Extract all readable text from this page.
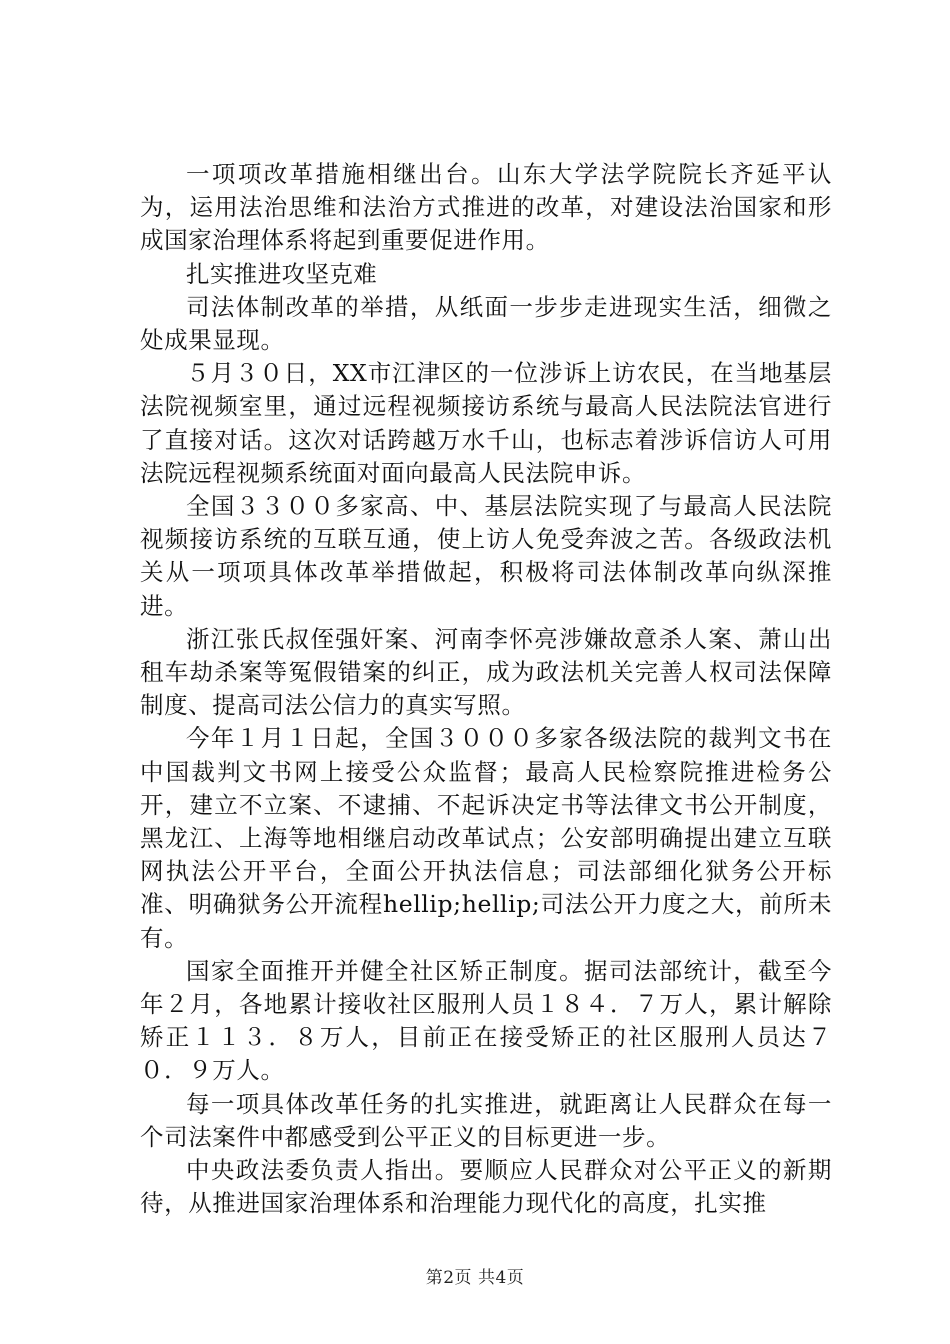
一项项改革措施相继出台。山东大学法学院院长齐延平认为，运用法治思维和法治方式推进的改革，对建设法治国家和形成国家治理体系将起到重要促进作用。

扎实推进攻坚克难

司法体制改革的举措，从纸面一步步走进现实生活，细微之处成果显现。

５月３０日，XX市江津区的一位涉诉上访农民，在当地基层法院视频室里，通过远程视频接访系统与最高人民法院法官进行了直接对话。这次对话跨越万水千山，也标志着涉诉信访人可用法院远程视频系统面对面向最高人民法院申诉。

全国３３００多家高、中、基层法院实现了与最高人民法院视频接访系统的互联互通，使上访人免受奔波之苦。各级政法机关从一项项具体改革举措做起，积极将司法体制改革向纵深推进。

浙江张氏叔侄强奸案、河南李怀亮涉嫌故意杀人案、萧山出租车劫杀案等冤假错案的纠正，成为政法机关完善人权司法保障制度、提高司法公信力的真实写照。

今年１月１日起，全国３０００多家各级法院的裁判文书在中国裁判文书网上接受公众监督；最高人民检察院推进检务公开，建立不立案、不逮捕、不起诉决定书等法律文书公开制度，黑龙江、上海等地相继启动改革试点；公安部明确提出建立互联网执法公开平台，全面公开执法信息；司法部细化狱务公开标准、明确狱务公开流程hellip;hellip;司法公开力度之大，前所未有。

国家全面推开并健全社区矫正制度。据司法部统计，截至今年２月，各地累计接收社区服刑人员１８４．７万人，累计解除矫正１１３．８万人，目前正在接受矫正的社区服刑人员达７０．９万人。

每一项具体改革任务的扎实推进，就距离让人民群众在每一个司法案件中都感受到公平正义的目标更进一步。

中央政法委负责人指出。要顺应人民群众对公平正义的新期待，从推进国家治理体系和治理能力现代化的高度，扎实推

第2页 共4页
